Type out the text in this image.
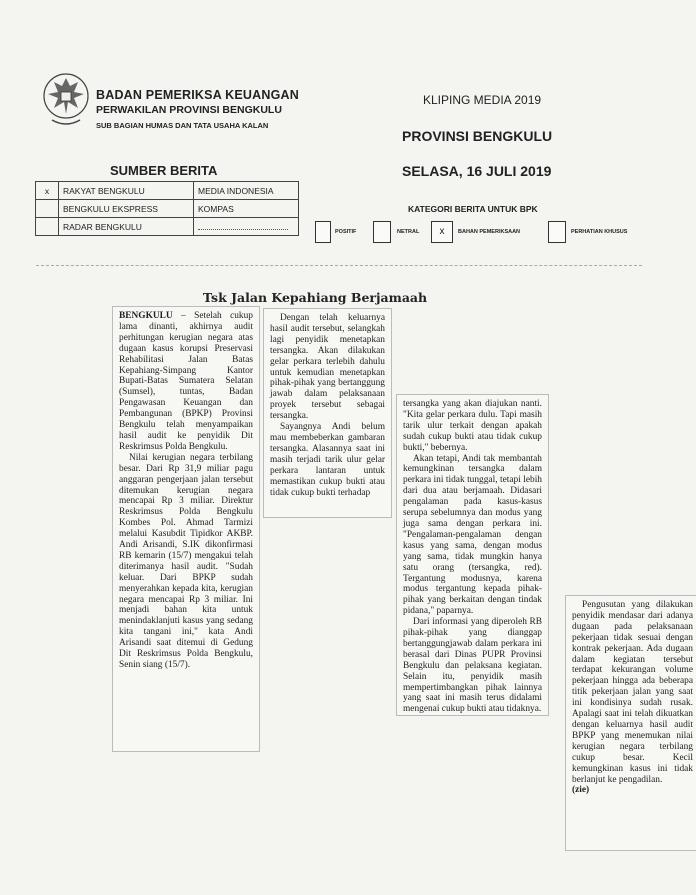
BADAN PEMERIKSA KEUANGAN
PERWAKILAN PROVINSI BENGKULU
SUB BAGIAN HUMAS DAN TATA USAHA KALAN
KLIPING MEDIA 2019
PROVINSI BENGKULU
SUMBER BERITA	SELASA, 16 JULI 2019
KATEGORI BERITA UNTUK BPK
x	RAKYAT BENGKULU	MEDIA INDONESIA
	BENGKULU EKSPRESS	KOMPAS
	RADAR BENGKULU	
POSITIF	NETRAL	x	BAHAN PEMERIKSAAN	PERHATIAN KHUSUS
Tsk Jalan Kepahiang Berjamaah

BENGKULU – Setelah cukup lama dinanti, akhirnya audit perhitungan kerugian negara atas dugaan kasus korupsi Preservasi Rehabilitasi Jalan Batas Kepahiang-Simpang Kantor Bupati-Batas Sumatera Selatan (Sumsel), tuntas, Badan Pengawasan Keuangan dan Pembangunan (BPKP) Provinsi Bengkulu telah menyampaikan hasil audit ke penyidik Dit Reskrimsus Polda Bengkulu.

Nilai kerugian negara terbilang besar. Dari Rp 31,9 miliar pagu anggaran pengerjaan jalan tersebut ditemukan kerugian negara mencapai Rp 3 miliar. Direktur Reskrimsus Polda Bengkulu Kombes Pol. Ahmad Tarmizi melalui Kasubdit Tipidkor AKBP. Andi Arisandi, S.IK dikonfirmasi RB kemarin (15/7) mengakui telah diterimanya hasil audit. "Sudah keluar. Dari BPKP sudah menyerahkan kepada kita, kerugian negara mencapai Rp 3 miliar. Ini menjadi bahan kita untuk menindaklanjuti kasus yang sedang kita tangani ini," kata Andi Arisandi saat ditemui di Gedung Dit Reskrimsus Polda Bengkulu, Senin siang (15/7).

Dengan telah keluarnya hasil audit tersebut, selangkah lagi penyidik menetapkan tersangka. Akan dilakukan gelar perkara terlebih dahulu untuk kemudian menetapkan pihak-pihak yang bertanggung jawab dalam pelaksanaan proyek tersebut sebagai tersangka.

Sayangnya Andi belum mau membeberkan gambaran tersangka. Alasannya saat ini masih terjadi tarik ulur gelar perkara lantaran untuk memastikan cukup bukti atau tidak cukup bukti terhadap

tersangka yang akan diajukan nanti. "Kita gelar perkara dulu. Tapi masih tarik ulur terkait dengan apakah sudah cukup bukti atau tidak cukup bukti," bebernya.

Akan tetapi, Andi tak membantah kemungkinan tersangka dalam perkara ini tidak tunggal, tetapi lebih dari dua atau berjamaah. Didasari pengalaman pada kasus-kasus serupa sebelumnya dan modus yang juga sama dengan perkara ini. "Pengalaman-pengalaman dengan kasus yang sama, dengan modus yang sama, tidak mungkin hanya satu orang (tersangka, red). Tergantung modusnya, karena modus tergantung kepada pihak-pihak yang berkaitan dengan tindak pidana," paparnya.

Dari informasi yang diperoleh RB pihak-pihak yang dianggap bertanggungjawab dalam perkara ini berasal dari Dinas PUPR Provinsi Bengkulu dan pelaksana kegiatan. Selain itu, penyidik masih mempertimbangkan pihak lainnya yang saat ini masih terus didalami mengenai cukup bukti atau tidaknya.

Pengusutan yang dilakukan penyidik mendasar dari adanya dugaan pada pelaksanaan pekerjaan tidak sesuai dengan kontrak pekerjaan. Ada dugaan dalam kegiatan tersebut terdapat kekurangan volume pekerjaan hingga ada beberapa titik pekerjaan jalan yang saat ini kondisinya sudah rusak. Apalagi saat ini telah dikuatkan dengan keluarnya hasil audit BPKP yang menemukan nilai kerugian negara terbilang cukup besar. Kecil kemungkinan kasus ini tidak berlanjut ke pengadilan.

(zie)
